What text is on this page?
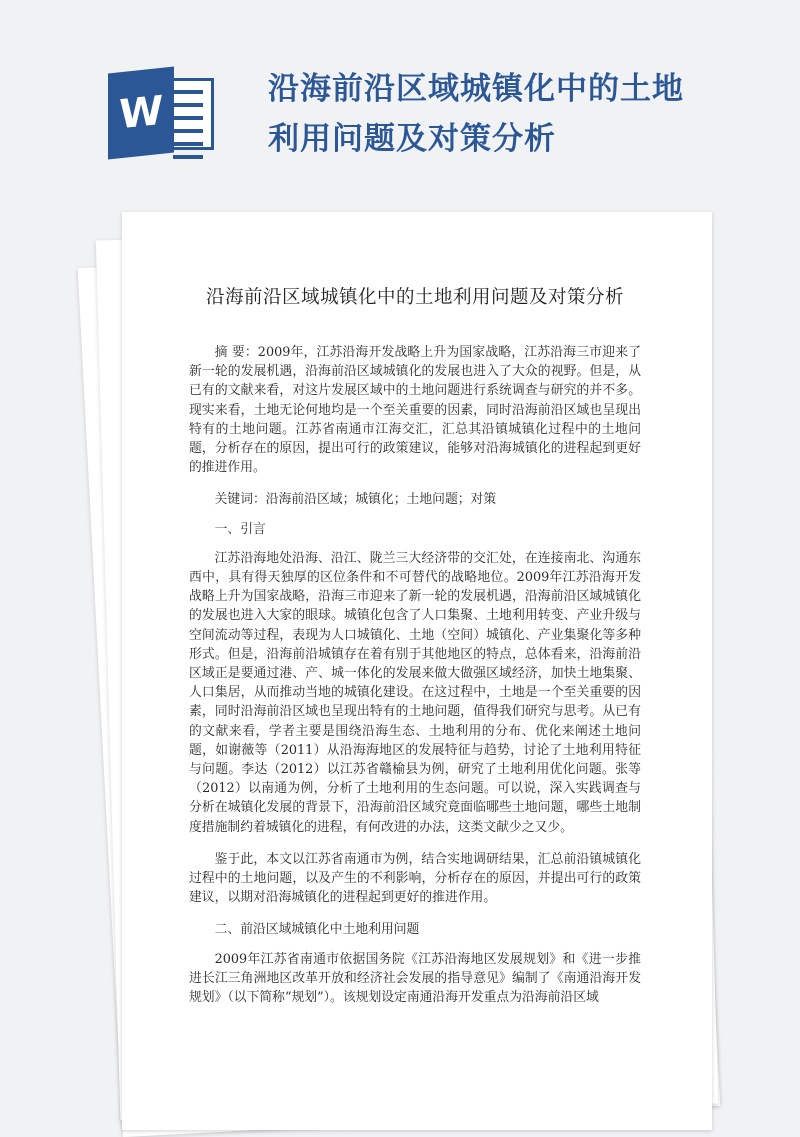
W	沿海前沿区域城镇化中的土地利用问题及对策分析
沿海前沿区域城镇化中的土地利用问题及对策分析

摘 要：2009年，江苏沿海开发战略上升为国家战略，江苏沿海三市迎来了新一轮的发展机遇，沿海前沿区域城镇化的发展也进入了大众的视野。但是，从已有的文献来看，对这片发展区域中的土地问题进行系统调查与研究的并不多。现实来看，土地无论何地均是一个至关重要的因素，同时沿海前沿区域也呈现出特有的土地问题。江苏省南通市江海交汇，汇总其沿镇城镇化过程中的土地问题，分析存在的原因，提出可行的政策建议，能够对沿海城镇化的进程起到更好的推进作用。

关键词：沿海前沿区域；城镇化；土地问题；对策

一、引言

江苏沿海地处沿海、沿江、陇兰三大经济带的交汇处，在连接南北、沟通东西中，具有得天独厚的区位条件和不可替代的战略地位。2009年江苏沿海开发战略上升为国家战略，沿海三市迎来了新一轮的发展机遇，沿海前沿区域城镇化的发展也进入大家的眼球。城镇化包含了人口集聚、土地利用转变、产业升级与空间流动等过程，表现为人口城镇化、土地（空间）城镇化、产业集聚化等多种形式。但是，沿海前沿城镇存在着有别于其他地区的特点，总体看来，沿海前沿区域正是要通过港、产、城一体化的发展来做大做强区域经济，加快土地集聚、人口集居，从而推动当地的城镇化建设。在这过程中，土地是一个至关重要的因素，同时沿海前沿区域也呈现出特有的土地问题，值得我们研究与思考。从已有的文献来看，学者主要是围绕沿海生态、土地利用的分布、优化来阐述土地问题，如谢薇等（2011）从沿海海地区的发展特征与趋势，讨论了土地利用特征与问题。李达（2012）以江苏省赣榆县为例，研究了土地利用优化问题。张等（2012）以南通为例，分析了土地利用的生态问题。可以说，深入实践调查与分析在城镇化发展的背景下，沿海前沿区域究竟面临哪些土地问题，哪些土地制度措施制约着城镇化的进程，有何改进的办法，这类文献少之又少。

鉴于此，本文以江苏省南通市为例，结合实地调研结果，汇总前沿镇城镇化过程中的土地问题，以及产生的不利影响，分析存在的原因，并提出可行的政策建议，以期对沿海城镇化的进程起到更好的推进作用。

二、前沿区域城镇化中土地利用问题

2009年江苏省南通市依据国务院《江苏沿海地区发展规划》和《进一步推进长江三角洲地区改革开放和经济社会发展的指导意见》编制了《南通沿海开发规划》（以下简称“规划”）。该规划设定南通沿海开发重点为沿海前沿区域
